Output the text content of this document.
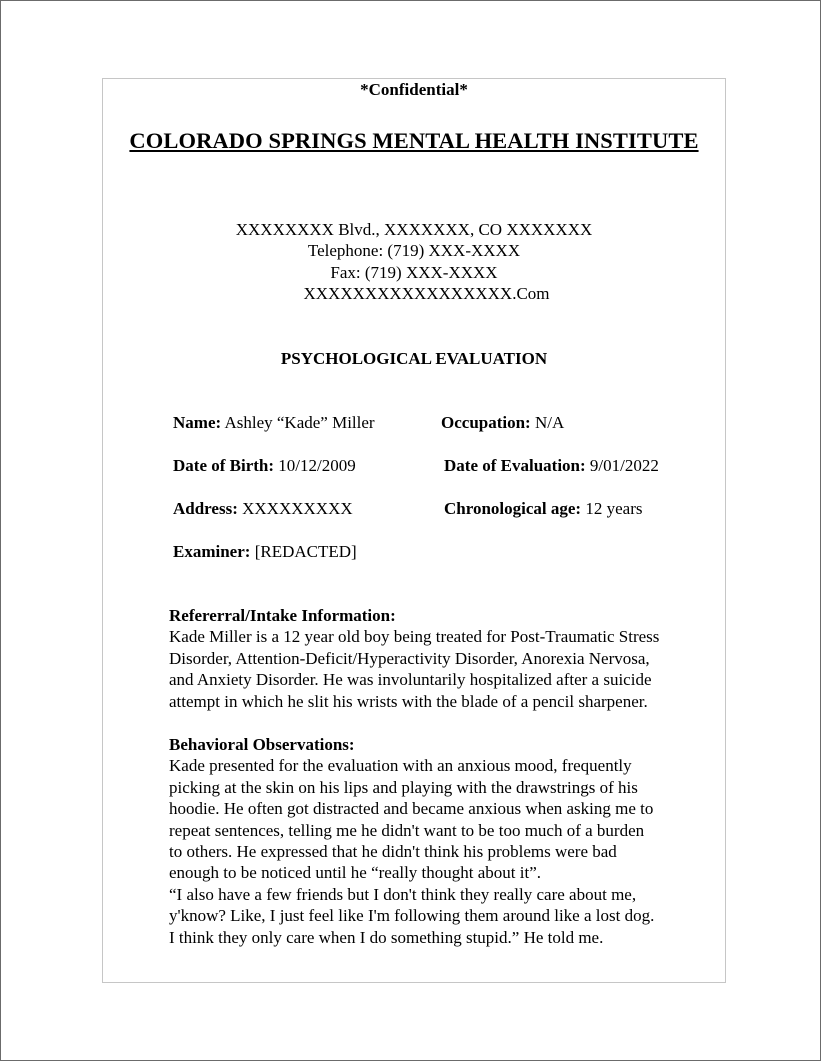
*Confidential*
COLORADO SPRINGS MENTAL HEALTH INSTITUTE
XXXXXXXX Blvd., XXXXXXX, CO XXXXXXX
Telephone: (719) XXX-XXXX
Fax: (719) XXX-XXXX
XXXXXXXXXXXXXXXXX.Com
PSYCHOLOGICAL EVALUATION
Name: Ashley “Kade” Miller	Occupation: N/A
Date of Birth: 10/12/2009	Date of Evaluation: 9/01/2022
Address: XXXXXXXXX	Chronological age: 12 years
Examiner: [REDACTED]
Refererral/Intake Information:
Kade Miller is a 12 year old boy being treated for Post-Traumatic Stress
Disorder, Attention-Deficit/Hyperactivity Disorder, Anorexia Nervosa,
and Anxiety Disorder. He was involuntarily hospitalized after a suicide
attempt in which he slit his wrists with the blade of a pencil sharpener.
Behavioral Observations:
Kade presented for the evaluation with an anxious mood, frequently
picking at the skin on his lips and playing with the drawstrings of his
hoodie. He often got distracted and became anxious when asking me to
repeat sentences, telling me he didn't want to be too much of a burden
to others. He expressed that he didn't think his problems were bad
enough to be noticed until he “really thought about it”.
“I also have a few friends but I don't think they really care about me,
y'know? Like, I just feel like I'm following them around like a lost dog.
I think they only care when I do something stupid.” He told me.
